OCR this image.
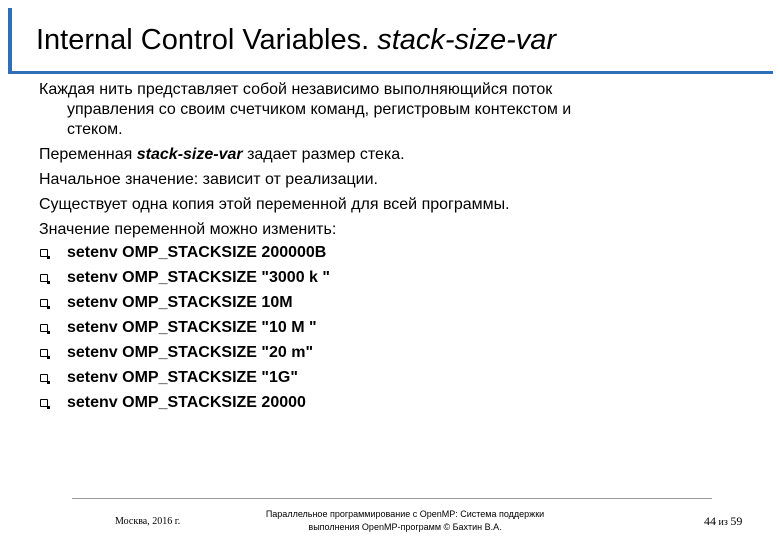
Internal Control Variables. stack-size-var
Каждая нить представляет собой независимо выполняющийся поток
управления со своим счетчиком команд, регистровым контекстом и
стеком.
Переменная stack-size-var задает размер стека.
Начальное значение: зависит от реализации.
Существует одна копия этой переменной для всей программы.
Значение переменной можно изменить:
setenv OMP_STACKSIZE 200000B
setenv OMP_STACKSIZE "3000 k "
setenv OMP_STACKSIZE 10M
setenv OMP_STACKSIZE "10 M "
setenv OMP_STACKSIZE "20 m"
setenv OMP_STACKSIZE "1G"
setenv OMP_STACKSIZE 20000
Москва, 2016 г.
Параллельное программирование с OpenMP: Система поддержки
выполнения OpenMP-программ © Бахтин В.А.	44 из 59
